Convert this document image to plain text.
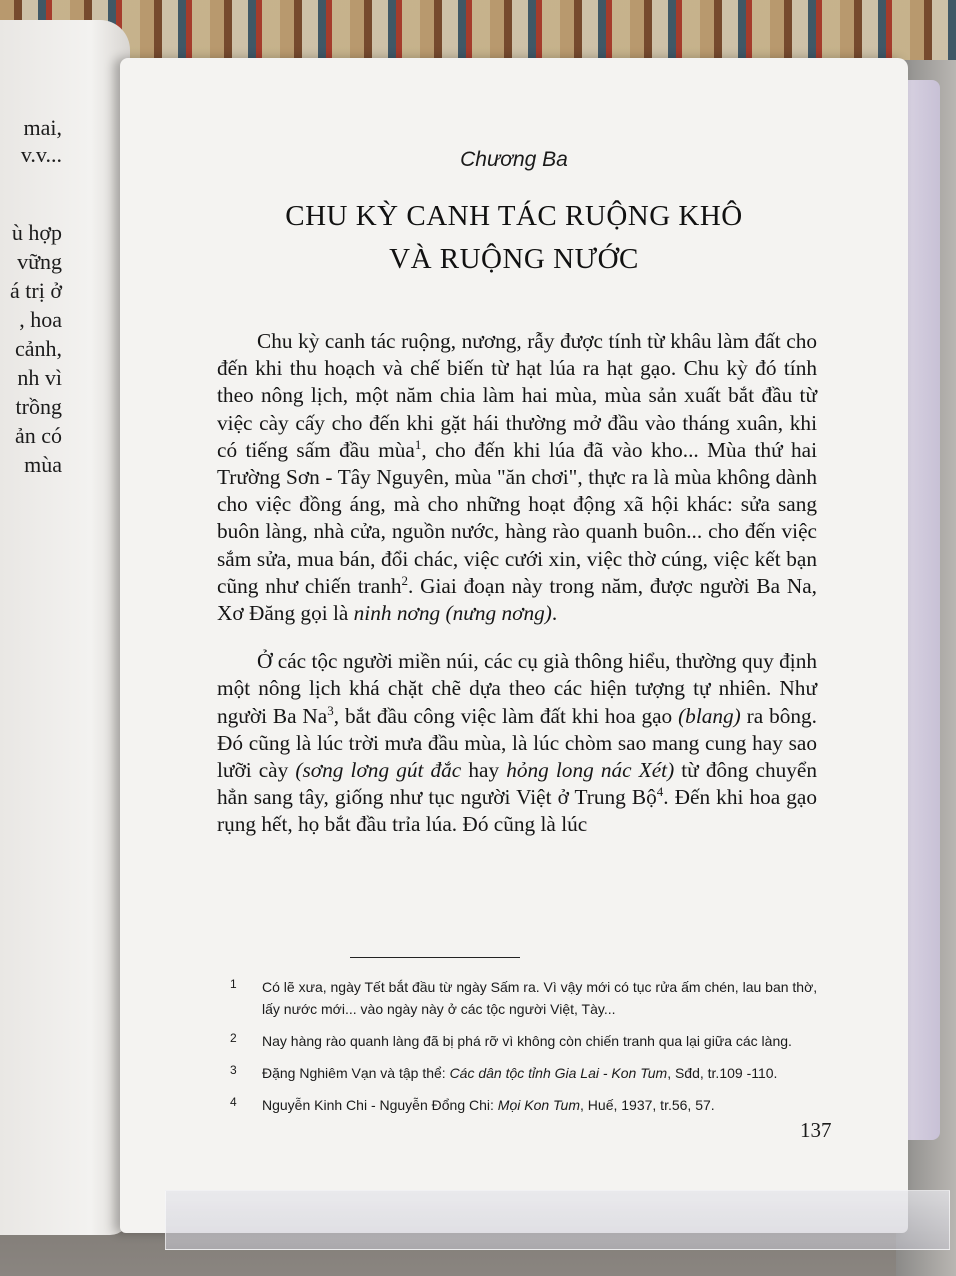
mai,
v.v...
ù hợp
vững
á trị ở
, hoa
cảnh,
nh vì
trồng
ản có
mùa
Chương Ba
CHU KỲ CANH TÁC RUỘNG KHÔ
VÀ RUỘNG NƯỚC

Chu kỳ canh tác ruộng, nương, rẫy được tính từ khâu làm đất cho đến khi thu hoạch và chế biến từ hạt lúa ra hạt gạo. Chu kỳ đó tính theo nông lịch, một năm chia làm hai mùa, mùa sản xuất bắt đầu từ việc cày cấy cho đến khi gặt hái thường mở đầu vào tháng xuân, khi có tiếng sấm đầu mùa$^1$, cho đến khi lúa đã vào kho... Mùa thứ hai Trường Sơn - Tây Nguyên, mùa "ăn chơi", thực ra là mùa không dành cho việc đồng áng, mà cho những hoạt động xã hội khác: sửa sang buôn làng, nhà cửa, nguồn nước, hàng rào quanh buôn... cho đến việc sắm sửa, mua bán, đổi chác, việc cưới xin, việc thờ cúng, việc kết bạn cũng như chiến tranh$^2$. Giai đoạn này trong năm, được người Ba Na, Xơ Đăng gọi là ninh nơng (nưng nơng).

Ở các tộc người miền núi, các cụ già thông hiểu, thường quy định một nông lịch khá chặt chẽ dựa theo các hiện tượng tự nhiên. Như người Ba Na$^3$, bắt đầu công việc làm đất khi hoa gạo (blang) ra bông. Đó cũng là lúc trời mưa đầu mùa, là lúc chòm sao mang cung hay sao lưỡi cày (sơng lơng gút đắc hay hỏng long nác Xét) từ đông chuyển hẳn sang tây, giống như tục người Việt ở Trung Bộ$^4$. Đến khi hoa gạo rụng hết, họ bắt đầu trỉa lúa. Đó cũng là lúc

1 Có lẽ xưa, ngày Tết bắt đầu từ ngày Sấm ra. Vì vậy mới có tục rửa ấm chén, lau ban thờ, lấy nước mới... vào ngày này ở các tộc người Việt, Tày...
2 Nay hàng rào quanh làng đã bị phá rỡ vì không còn chiến tranh qua lại giữa các làng.
3 Đặng Nghiêm Vạn và tập thể: Các dân tộc tỉnh Gia Lai - Kon Tum, Sđd, tr.109 -110.
4 Nguyễn Kinh Chi - Nguyễn Đổng Chi: Mọi Kon Tum, Huế, 1937, tr.56, 57.
137
